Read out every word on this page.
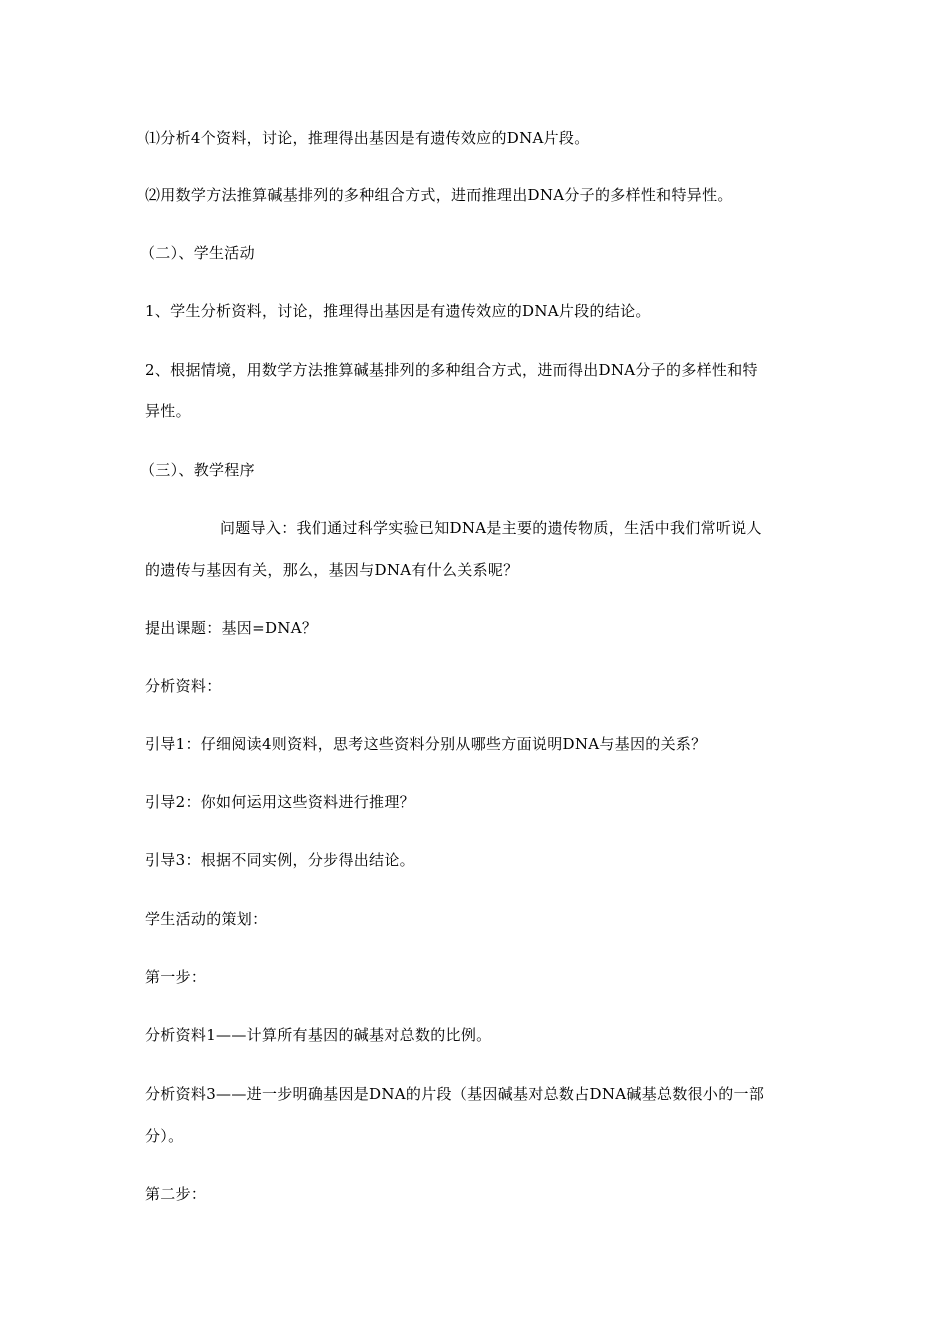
⑴分析4个资料，讨论，推理得出基因是有遗传效应的DNA片段。
⑵用数学方法推算碱基排列的多种组合方式，进而推理出DNA分子的多样性和特异性。
（二）、学生活动
1、学生分析资料，讨论，推理得出基因是有遗传效应的DNA片段的结论。
2、根据情境，用数学方法推算碱基排列的多种组合方式，进而得出DNA分子的多样性和特
异性。
（三）、教学程序
问题导入：我们通过科学实验已知DNA是主要的遗传物质，生活中我们常听说人
的遗传与基因有关，那么，基因与DNA有什么关系呢？
提出课题：基因=DNA？
分析资料：
引导1：仔细阅读4则资料，思考这些资料分别从哪些方面说明DNA与基因的关系？
引导2：你如何运用这些资料进行推理？
引导3：根据不同实例，分步得出结论。
学生活动的策划：
第一步：
分析资料1——计算所有基因的碱基对总数的比例。
分析资料3——进一步明确基因是DNA的片段（基因碱基对总数占DNA碱基总数很小的一部
分）。
第二步：
